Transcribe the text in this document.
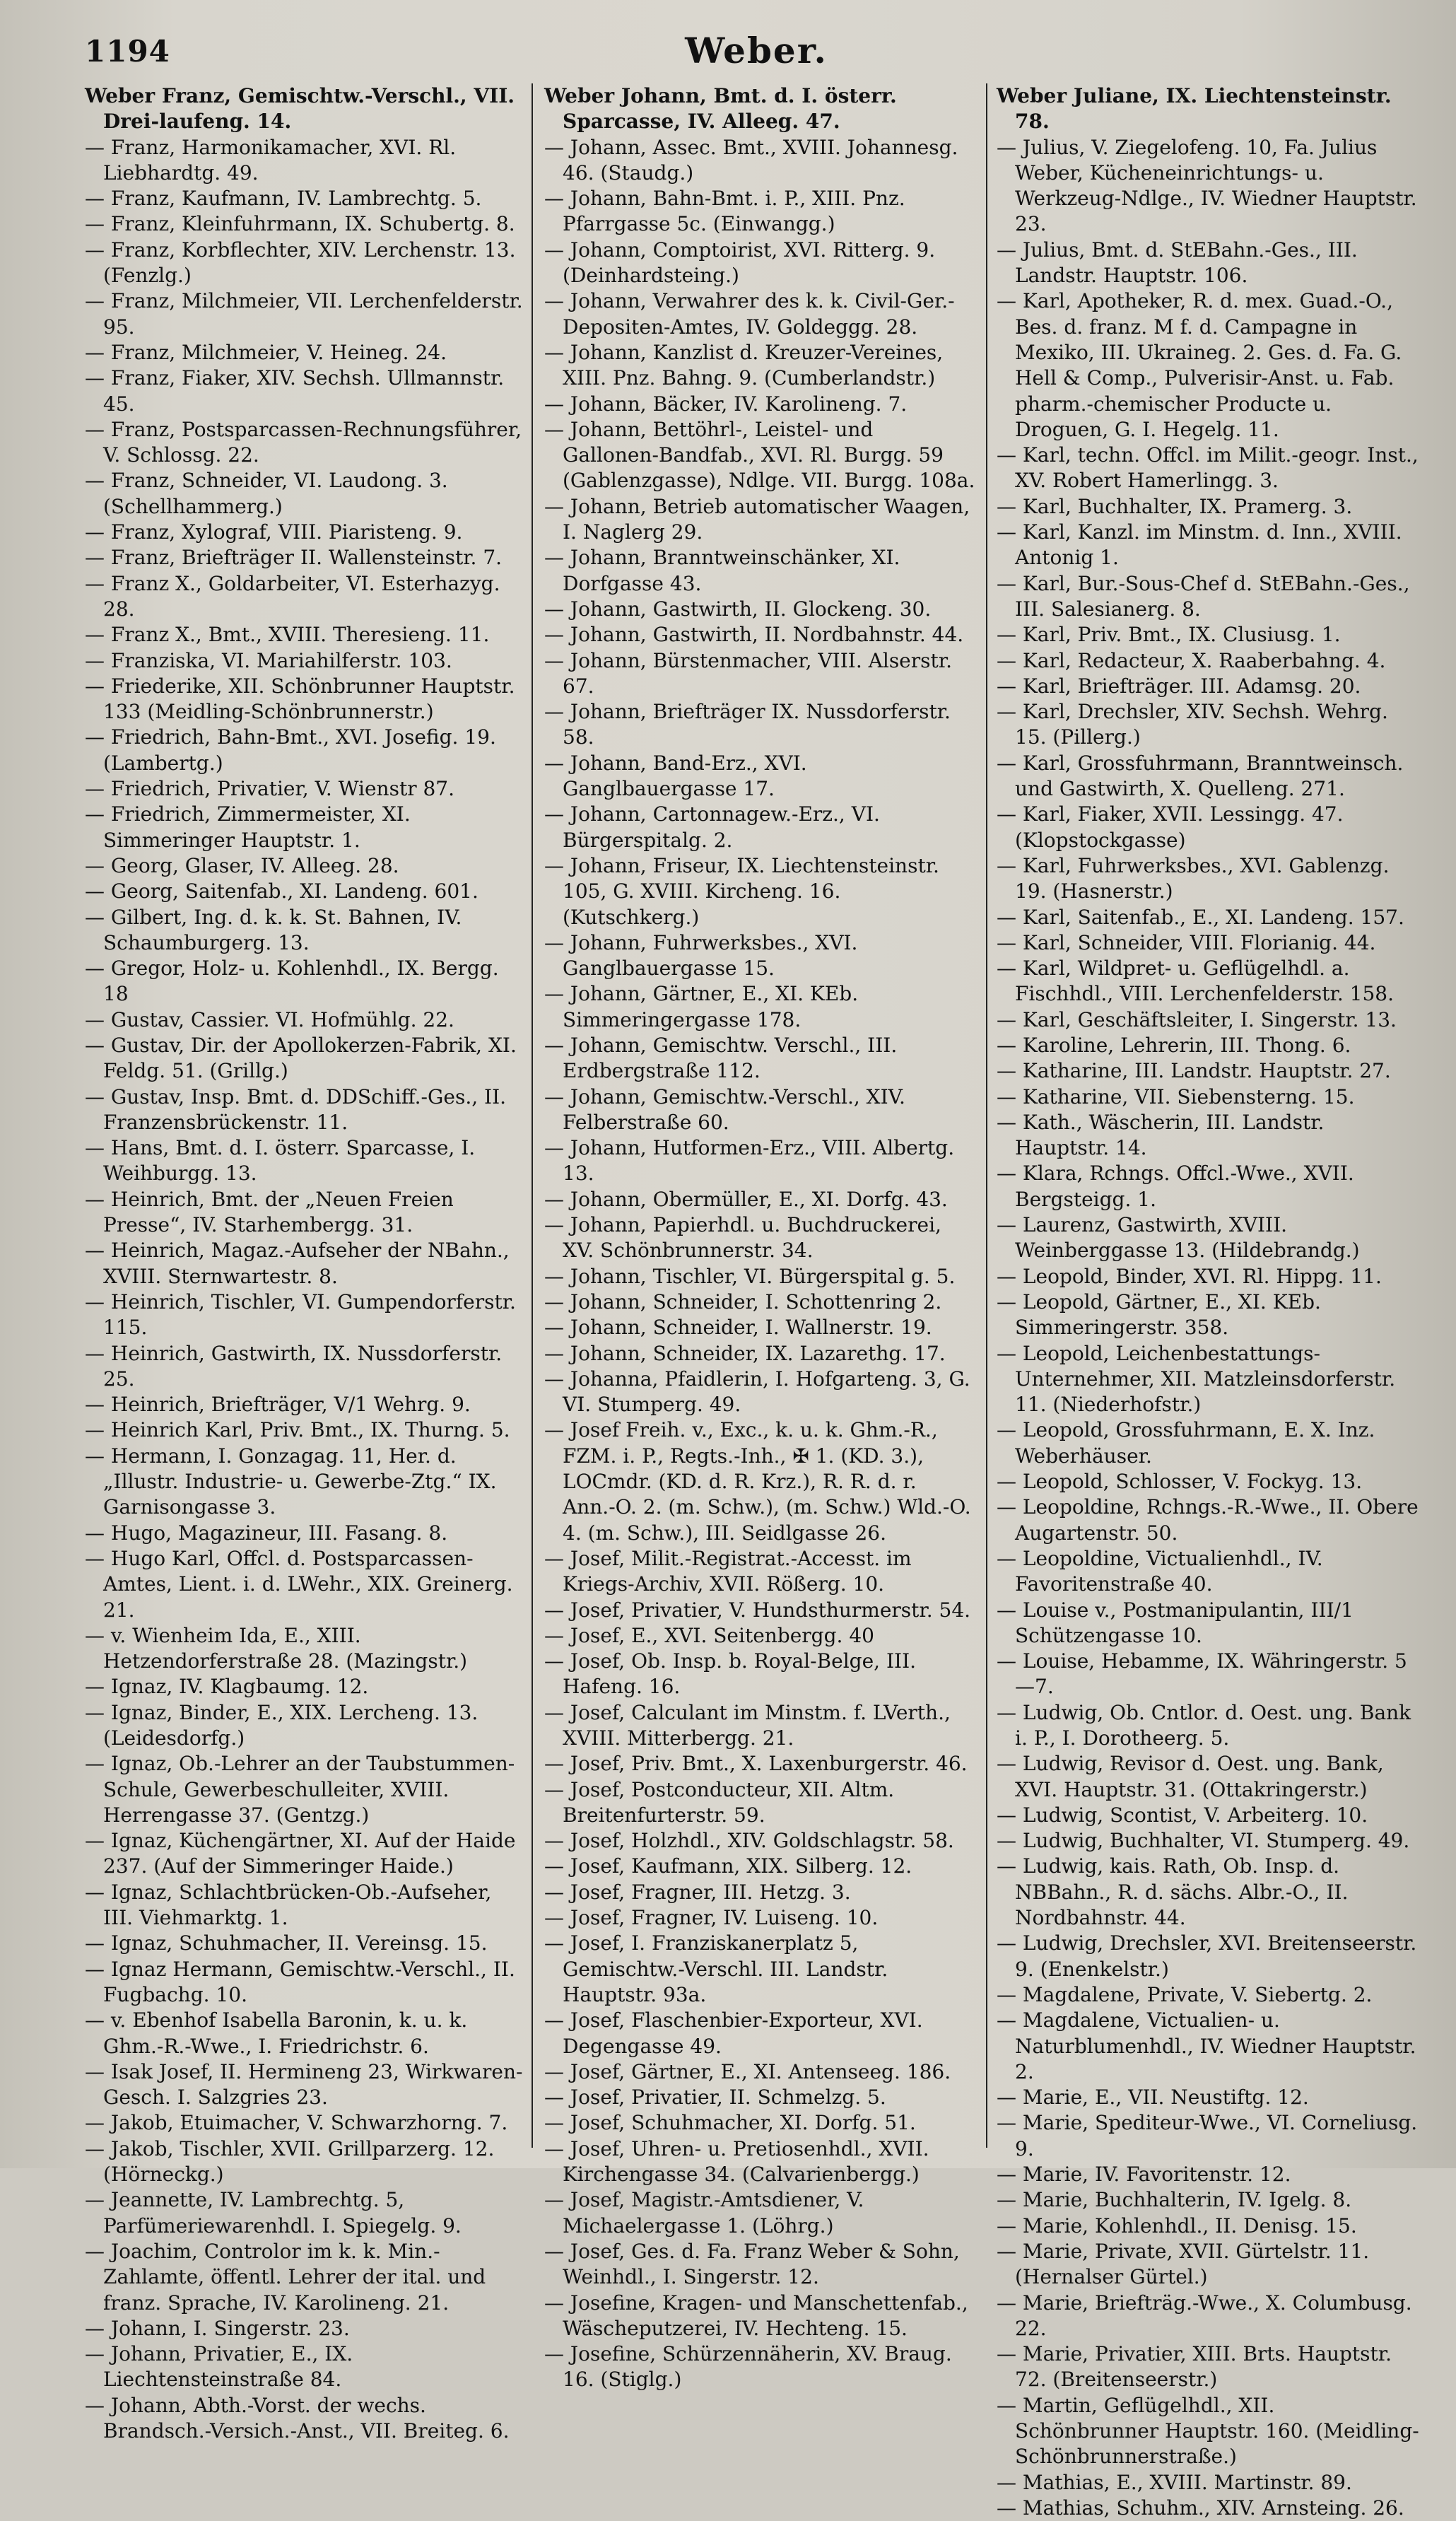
1194	Weber.

Weber Franz, Gemischtw.-Verschl., VII. Drei-laufeng. 14.

— Franz, Harmonikamacher, XVI. Rl. Liebhardtg. 49.

— Franz, Kaufmann, IV. Lambrechtg. 5.

— Franz, Kleinfuhrmann, IX. Schubertg. 8.

— Franz, Korbflechter, XIV. Lerchenstr. 13. (Fenzlg.)

— Franz, Milchmeier, VII. Lerchenfelderstr. 95.

— Franz, Milchmeier, V. Heineg. 24.

— Franz, Fiaker, XIV. Sechsh. Ullmannstr. 45.

— Franz, Postsparcassen-Rechnungsführer, V. Schlossg. 22.

— Franz, Schneider, VI. Laudong. 3. (Schellhammerg.)

— Franz, Xylograf, VIII. Piaristeng. 9.

— Franz, Briefträger II. Wallensteinstr. 7.

— Franz X., Goldarbeiter, VI. Esterhazyg. 28.

— Franz X., Bmt., XVIII. Theresieng. 11.

— Franziska, VI. Mariahilferstr. 103.

— Friederike, XII. Schönbrunner Hauptstr. 133 (Meidling-Schönbrunnerstr.)

— Friedrich, Bahn-Bmt., XVI. Josefig. 19. (Lambertg.)

— Friedrich, Privatier, V. Wienstr 87.

— Friedrich, Zimmermeister, XI. Simmeringer Hauptstr. 1.

— Georg, Glaser, IV. Alleeg. 28.

— Georg, Saitenfab., XI. Landeng. 601.

— Gilbert, Ing. d. k. k. St. Bahnen, IV. Schaumburgerg. 13.

— Gregor, Holz- u. Kohlenhdl., IX. Bergg. 18

— Gustav, Cassier. VI. Hofmühlg. 22.

— Gustav, Dir. der Apollokerzen-Fabrik, XI. Feldg. 51. (Grillg.)

— Gustav, Insp. Bmt. d. DDSchiff.-Ges., II. Franzensbrückenstr. 11.

— Hans, Bmt. d. I. österr. Sparcasse, I. Weihburgg. 13.

— Heinrich, Bmt. der „Neuen Freien Presse“, IV. Starhembergg. 31.

— Heinrich, Magaz.-Aufseher der NBahn., XVIII. Sternwartestr. 8.

— Heinrich, Tischler, VI. Gumpendorferstr. 115.

— Heinrich, Gastwirth, IX. Nussdorferstr. 25.

— Heinrich, Briefträger, V/1 Wehrg. 9.

— Heinrich Karl, Priv. Bmt., IX. Thurng. 5.

— Hermann, I. Gonzagag. 11, Her. d. „Illustr. Industrie- u. Gewerbe-Ztg.“ IX. Garnisongasse 3.

— Hugo, Magazineur, III. Fasang. 8.

— Hugo Karl, Offcl. d. Postsparcassen-Amtes, Lient. i. d. LWehr., XIX. Greinerg. 21.

— v. Wienheim Ida, E., XIII. Hetzendorferstraße 28. (Mazingstr.)

— Ignaz, IV. Klagbaumg. 12.

— Ignaz, Binder, E., XIX. Lercheng. 13. (Leidesdorfg.)

— Ignaz, Ob.-Lehrer an der Taubstummen-Schule, Gewerbeschulleiter, XVIII. Herrengasse 37. (Gentzg.)

— Ignaz, Küchengärtner, XI. Auf der Haide 237. (Auf der Simmeringer Haide.)

— Ignaz, Schlachtbrücken-Ob.-Aufseher, III. Viehmarktg. 1.

— Ignaz, Schuhmacher, II. Vereinsg. 15.

— Ignaz Hermann, Gemischtw.-Verschl., II. Fugbachg. 10.

— v. Ebenhof Isabella Baronin, k. u. k. Ghm.-R.-Wwe., I. Friedrichstr. 6.

— Isak Josef, II. Hermineng 23, Wirkwaren-Gesch. I. Salzgries 23.

— Jakob, Etuimacher, V. Schwarzhorng. 7.

— Jakob, Tischler, XVII. Grillparzerg. 12. (Hörneckg.)

— Jeannette, IV. Lambrechtg. 5, Parfümeriewarenhdl. I. Spiegelg. 9.

— Joachim, Controlor im k. k. Min.-Zahlamte, öffentl. Lehrer der ital. und franz. Sprache, IV. Karolineng. 21.

— Johann, I. Singerstr. 23.

— Johann, Privatier, E., IX. Liechtensteinstraße 84.

— Johann, Abth.-Vorst. der wechs. Brandsch.-Versich.-Anst., VII. Breiteg. 6.

Weber Johann, Bmt. d. I. österr. Sparcasse, IV. Alleeg. 47.

— Johann, Assec. Bmt., XVIII. Johannesg. 46. (Staudg.)

— Johann, Bahn-Bmt. i. P., XIII. Pnz. Pfarrgasse 5c. (Einwangg.)

— Johann, Comptoirist, XVI. Ritterg. 9. (Deinhardsteing.)

— Johann, Verwahrer des k. k. Civil-Ger.-Depositen-Amtes, IV. Goldeggg. 28.

— Johann, Kanzlist d. Kreuzer-Vereines, XIII. Pnz. Bahng. 9. (Cumberlandstr.)

— Johann, Bäcker, IV. Karolineng. 7.

— Johann, Bettöhrl-, Leistel- und Gallonen-Bandfab., XVI. Rl. Burgg. 59 (Gablenzgasse), Ndlge. VII. Burgg. 108a.

— Johann, Betrieb automatischer Waagen, I. Naglerg 29.

— Johann, Branntweinschänker, XI. Dorfgasse 43.

— Johann, Gastwirth, II. Glockeng. 30.

— Johann, Gastwirth, II. Nordbahnstr. 44.

— Johann, Bürstenmacher, VIII. Alserstr. 67.

— Johann, Briefträger IX. Nussdorferstr. 58.

— Johann, Band-Erz., XVI. Ganglbauergasse 17.

— Johann, Cartonnagew.-Erz., VI. Bürgerspitalg. 2.

— Johann, Friseur, IX. Liechtensteinstr. 105, G. XVIII. Kircheng. 16. (Kutschkerg.)

— Johann, Fuhrwerksbes., XVI. Ganglbauergasse 15.

— Johann, Gärtner, E., XI. KEb. Simmeringergasse 178.

— Johann, Gemischtw. Verschl., III. Erdbergstraße 112.

— Johann, Gemischtw.-Verschl., XIV. Felberstraße 60.

— Johann, Hutformen-Erz., VIII. Albertg. 13.

— Johann, Obermüller, E., XI. Dorfg. 43.

— Johann, Papierhdl. u. Buchdruckerei, XV. Schönbrunnerstr. 34.

— Johann, Tischler, VI. Bürgerspital g. 5.

— Johann, Schneider, I. Schottenring 2.

— Johann, Schneider, I. Wallnerstr. 19.

— Johann, Schneider, IX. Lazarethg. 17.

— Johanna, Pfaidlerin, I. Hofgarteng. 3, G. VI. Stumperg. 49.

— Josef Freih. v., Exc., k. u. k. Ghm.-R., FZM. i. P., Regts.-Inh., ✠ 1. (KD. 3.), LOCmdr. (KD. d. R. Krz.), R. R. d. r. Ann.-O. 2. (m. Schw.), (m. Schw.) Wld.-O. 4. (m. Schw.), III. Seidlgasse 26.

— Josef, Milit.-Registrat.-Accesst. im Kriegs-Archiv, XVII. Rößerg. 10.

— Josef, Privatier, V. Hundsthurmerstr. 54.

— Josef, E., XVI. Seitenbergg. 40

— Josef, Ob. Insp. b. Royal-Belge, III. Hafeng. 16.

— Josef, Calculant im Minstm. f. LVerth., XVIII. Mitterbergg. 21.

— Josef, Priv. Bmt., X. Laxenburgerstr. 46.

— Josef, Postconducteur, XII. Altm. Breitenfurterstr. 59.

— Josef, Holzhdl., XIV. Goldschlagstr. 58.

— Josef, Kaufmann, XIX. Silberg. 12.

— Josef, Fragner, III. Hetzg. 3.

— Josef, Fragner, IV. Luiseng. 10.

— Josef, I. Franziskanerplatz 5, Gemischtw.-Verschl. III. Landstr. Hauptstr. 93a.

— Josef, Flaschenbier-Exporteur, XVI. Degengasse 49.

— Josef, Gärtner, E., XI. Antenseeg. 186.

— Josef, Privatier, II. Schmelzg. 5.

— Josef, Schuhmacher, XI. Dorfg. 51.

— Josef, Uhren- u. Pretiosenhdl., XVII. Kirchengasse 34. (Calvarienbergg.)

— Josef, Magistr.-Amtsdiener, V. Michaelergasse 1. (Löhrg.)

— Josef, Ges. d. Fa. Franz Weber & Sohn, Weinhdl., I. Singerstr. 12.

— Josefine, Kragen- und Manschettenfab., Wäscheputzerei, IV. Hechteng. 15.

— Josefine, Schürzennäherin, XV. Braug. 16. (Stiglg.)

Weber Juliane, IX. Liechtensteinstr. 78.

— Julius, V. Ziegelofeng. 10, Fa. Julius Weber, Kücheneinrichtungs- u. Werkzeug-Ndlge., IV. Wiedner Hauptstr. 23.

— Julius, Bmt. d. StEBahn.-Ges., III. Landstr. Hauptstr. 106.

— Karl, Apotheker, R. d. mex. Guad.-O., Bes. d. franz. M f. d. Campagne in Mexiko, III. Ukraineg. 2. Ges. d. Fa. G. Hell & Comp., Pulverisir-Anst. u. Fab. pharm.-chemischer Producte u. Droguen, G. I. Hegelg. 11.

— Karl, techn. Offcl. im Milit.-geogr. Inst., XV. Robert Hamerlingg. 3.

— Karl, Buchhalter, IX. Pramerg. 3.

— Karl, Kanzl. im Minstm. d. Inn., XVIII. Antonig 1.

— Karl, Bur.-Sous-Chef d. StEBahn.-Ges., III. Salesianerg. 8.

— Karl, Priv. Bmt., IX. Clusiusg. 1.

— Karl, Redacteur, X. Raaberbahng. 4.

— Karl, Briefträger. III. Adamsg. 20.

— Karl, Drechsler, XIV. Sechsh. Wehrg. 15. (Pillerg.)

— Karl, Grossfuhrmann, Branntweinsch. und Gastwirth, X. Quelleng. 271.

— Karl, Fiaker, XVII. Lessingg. 47. (Klopstockgasse)

— Karl, Fuhrwerksbes., XVI. Gablenzg. 19. (Hasnerstr.)

— Karl, Saitenfab., E., XI. Landeng. 157.

— Karl, Schneider, VIII. Florianig. 44.

— Karl, Wildpret- u. Geflügelhdl. a. Fischhdl., VIII. Lerchenfelderstr. 158.

— Karl, Geschäftsleiter, I. Singerstr. 13.

— Karoline, Lehrerin, III. Thong. 6.

— Katharine, III. Landstr. Hauptstr. 27.

— Katharine, VII. Siebensterng. 15.

— Kath., Wäscherin, III. Landstr. Hauptstr. 14.

— Klara, Rchngs. Offcl.-Wwe., XVII. Bergsteigg. 1.

— Laurenz, Gastwirth, XVIII. Weinberggasse 13. (Hildebrandg.)

— Leopold, Binder, XVI. Rl. Hippg. 11.

— Leopold, Gärtner, E., XI. KEb. Simmeringerstr. 358.

— Leopold, Leichenbestattungs-Unternehmer, XII. Matzleinsdorferstr. 11. (Niederhofstr.)

— Leopold, Grossfuhrmann, E. X. Inz. Weberhäuser.

— Leopold, Schlosser, V. Fockyg. 13.

— Leopoldine, Rchngs.-R.-Wwe., II. Obere Augartenstr. 50.

— Leopoldine, Victualienhdl., IV. Favoritenstraße 40.

— Louise v., Postmanipulantin, III/1 Schützengasse 10.

— Louise, Hebamme, IX. Währingerstr. 5—7.

— Ludwig, Ob. Cntlor. d. Oest. ung. Bank i. P., I. Dorotheerg. 5.

— Ludwig, Revisor d. Oest. ung. Bank, XVI. Hauptstr. 31. (Ottakringerstr.)

— Ludwig, Scontist, V. Arbeiterg. 10.

— Ludwig, Buchhalter, VI. Stumperg. 49.

— Ludwig, kais. Rath, Ob. Insp. d. NBBahn., R. d. sächs. Albr.-O., II. Nordbahnstr. 44.

— Ludwig, Drechsler, XVI. Breitenseerstr. 9. (Enenkelstr.)

— Magdalene, Private, V. Siebertg. 2.

— Magdalene, Victualien- u. Naturblumenhdl., IV. Wiedner Hauptstr. 2.

— Marie, E., VII. Neustiftg. 12.

— Marie, Spediteur-Wwe., VI. Corneliusg. 9.

— Marie, IV. Favoritenstr. 12.

— Marie, Buchhalterin, IV. Igelg. 8.

— Marie, Kohlenhdl., II. Denisg. 15.

— Marie, Private, XVII. Gürtelstr. 11. (Hernalser Gürtel.)

— Marie, Briefträg.-Wwe., X. Columbusg. 22.

— Marie, Privatier, XIII. Brts. Hauptstr. 72. (Breitenseerstr.)

— Martin, Geflügelhdl., XII. Schönbrunner Hauptstr. 160. (Meidling-Schönbrunnerstraße.)

— Mathias, E., XVIII. Martinstr. 89.

— Mathias, Schuhm., XIV. Arnsteing. 26.
